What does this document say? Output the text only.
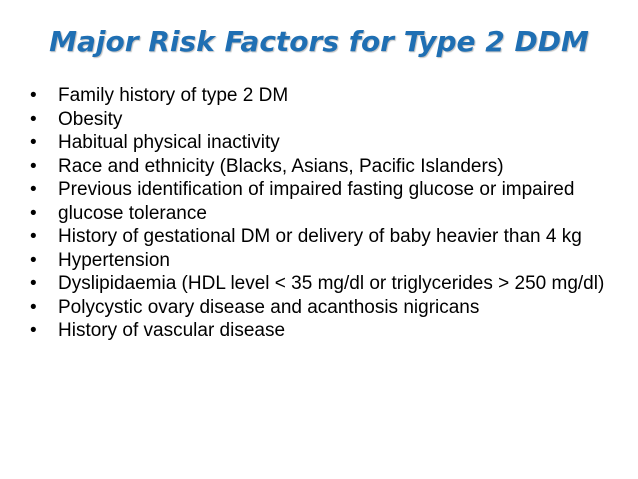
Major Risk Factors for Type 2 DDM
• Family history of type 2 DM
• Obesity
• Habitual physical inactivity
• Race and ethnicity (Blacks, Asians, Pacific Islanders)
• Previous identification of impaired fasting glucose or impaired
• glucose tolerance
• History of gestational DM or delivery of baby heavier than 4 kg
• Hypertension
• Dyslipidaemia (HDL level < 35 mg/dl or triglycerides > 250 mg/dl)
• Polycystic ovary disease and acanthosis nigricans
• History of vascular disease
